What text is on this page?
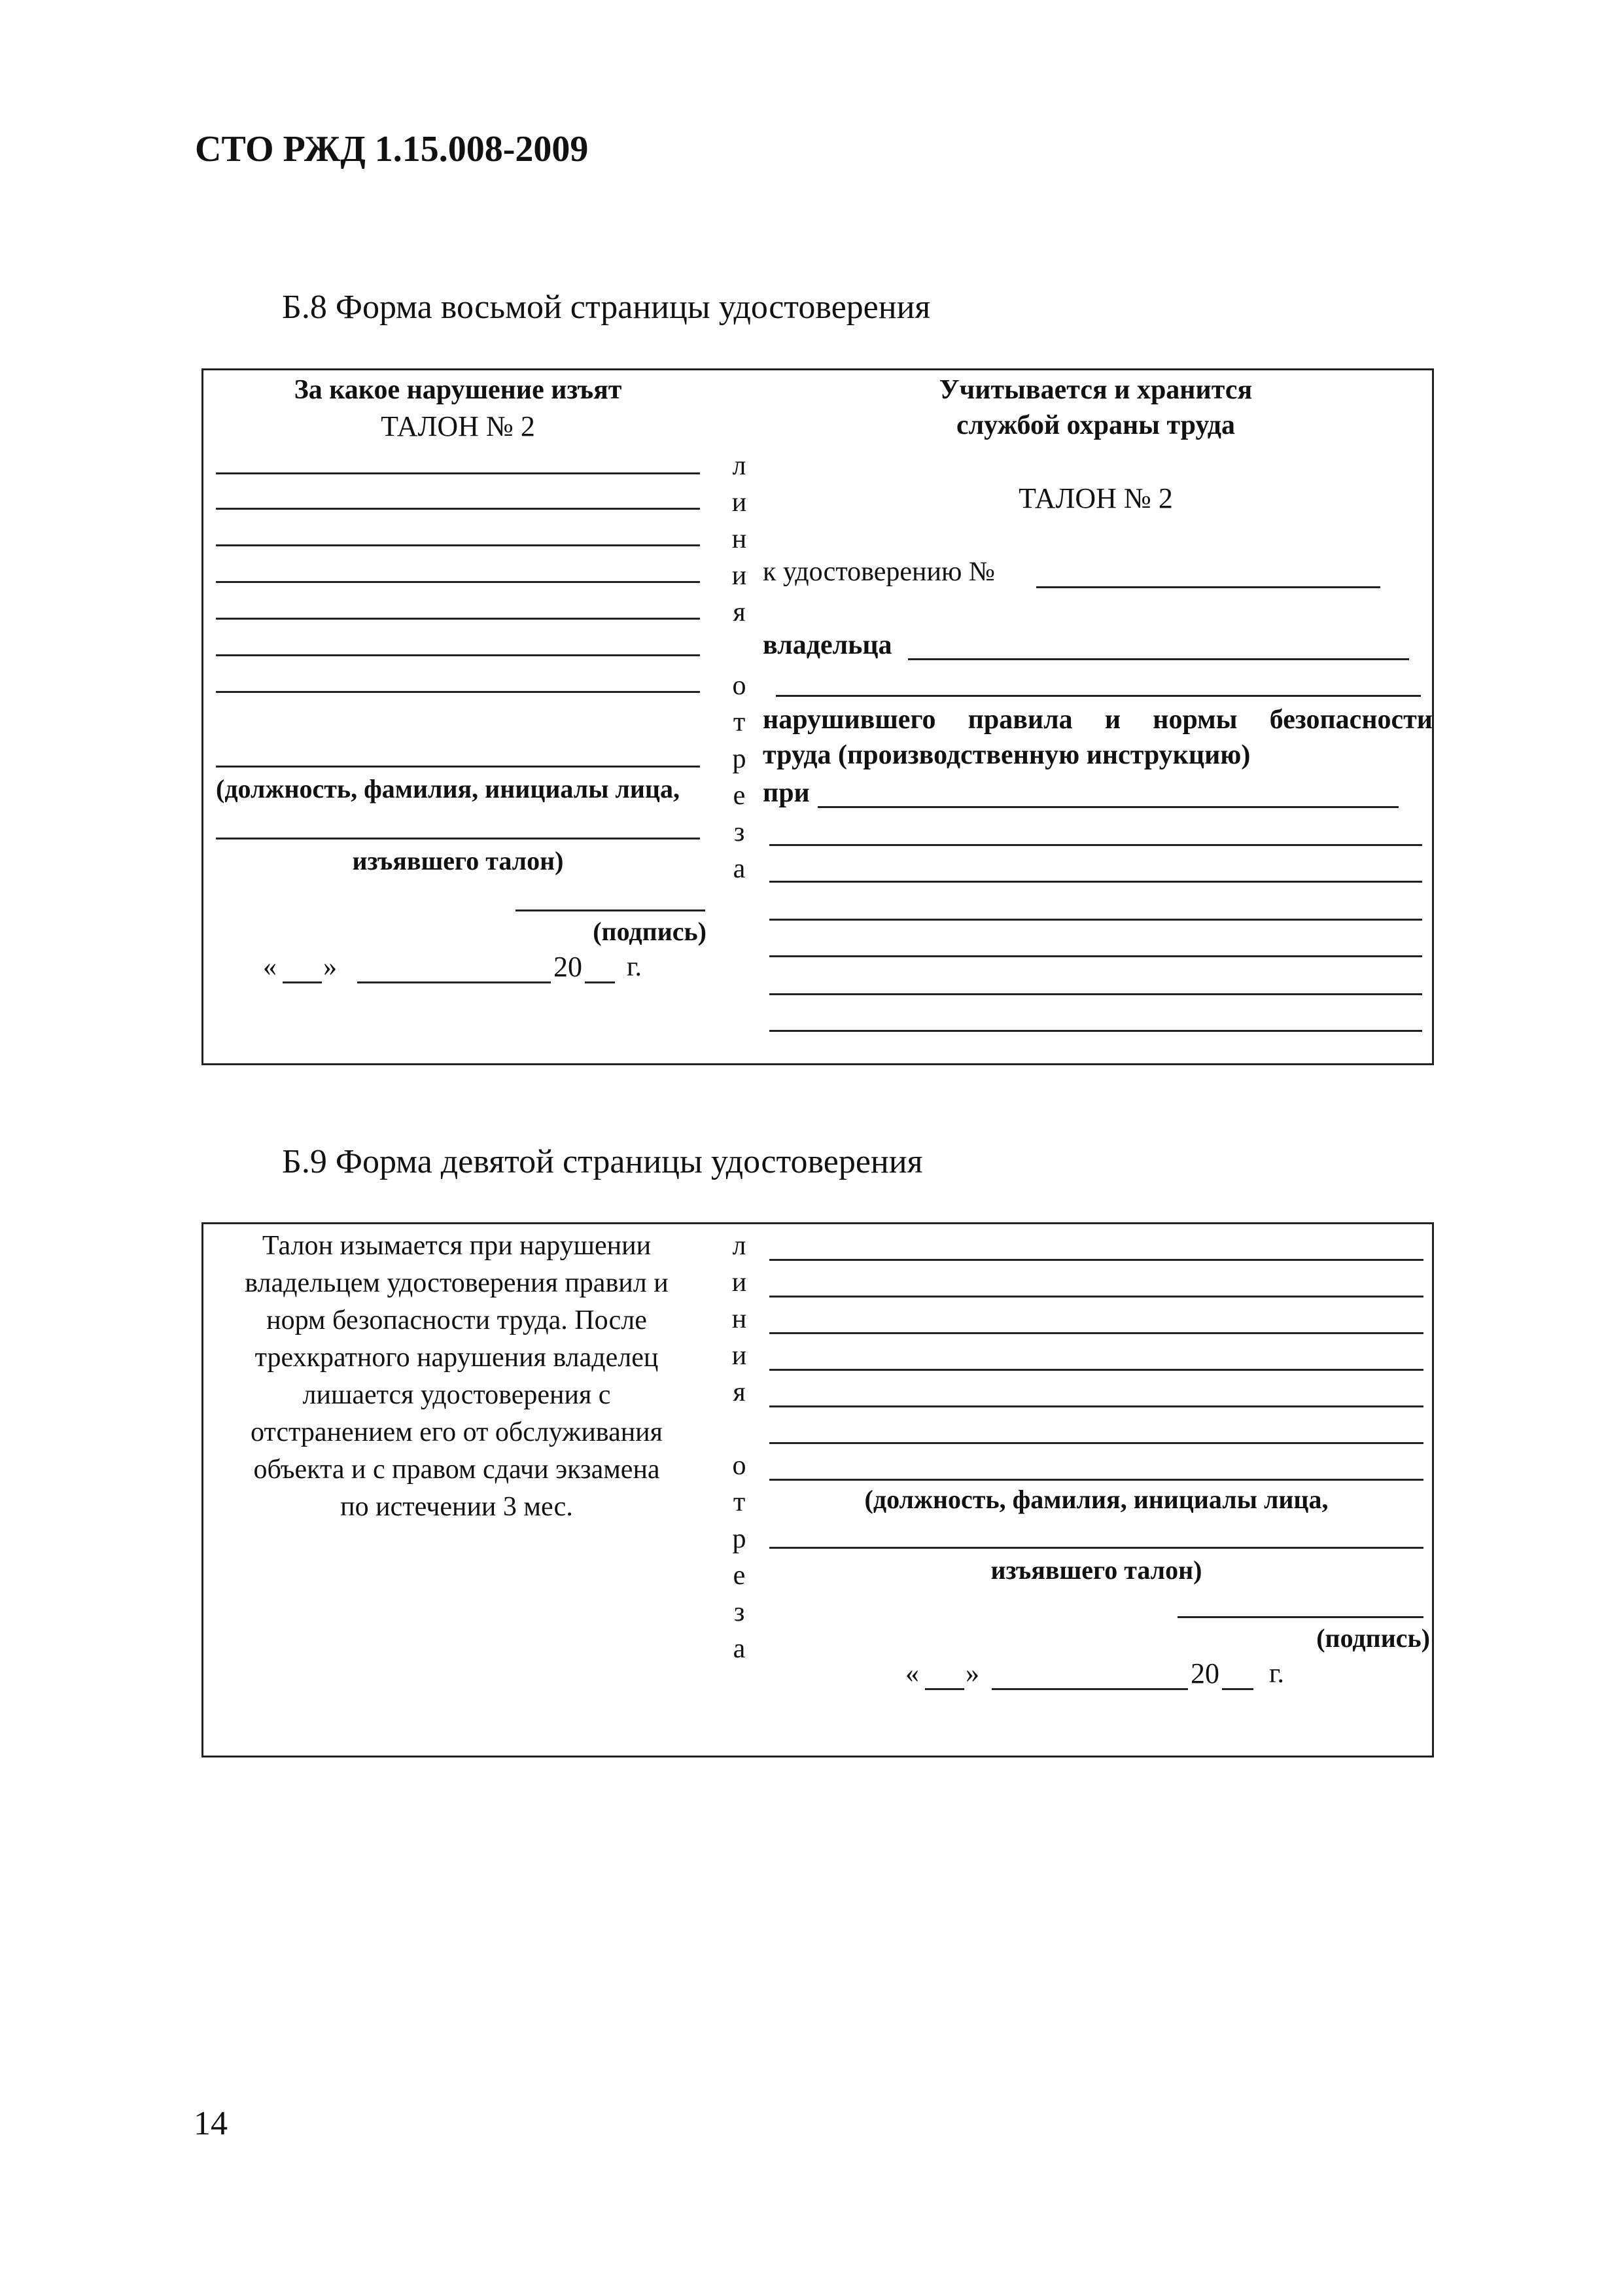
СТО РЖД 1.15.008-2009
Б.8 Форма восьмой страницы удостоверения
За какое нарушение изъят
ТАЛОН № 2
(должность, фамилия, инициалы лица,
изъявшего талон)
(подпись)
« »	20 г.
л
и
н
и
я
о
т
р
е
з
а
Учитывается и хранится
службой охраны труда
ТАЛОН № 2
к удостоверению №
владельца
нарушившего правила и нормы безопасности
труда (производственную инструкцию)
при
Б.9 Форма девятой страницы удостоверения
Талон изымается при нарушении
владельцем удостоверения правил и
норм безопасности труда. После
трехкратного нарушения владелец
лишается удостоверения с
отстранением его от обслуживания
объекта и с правом сдачи экзамена
по истечении 3 мес.
л
и
н
и
я
о
т
р
е
з
а
(должность, фамилия, инициалы лица,
изъявшего талон)
(подпись)
« »	20 г.
14
